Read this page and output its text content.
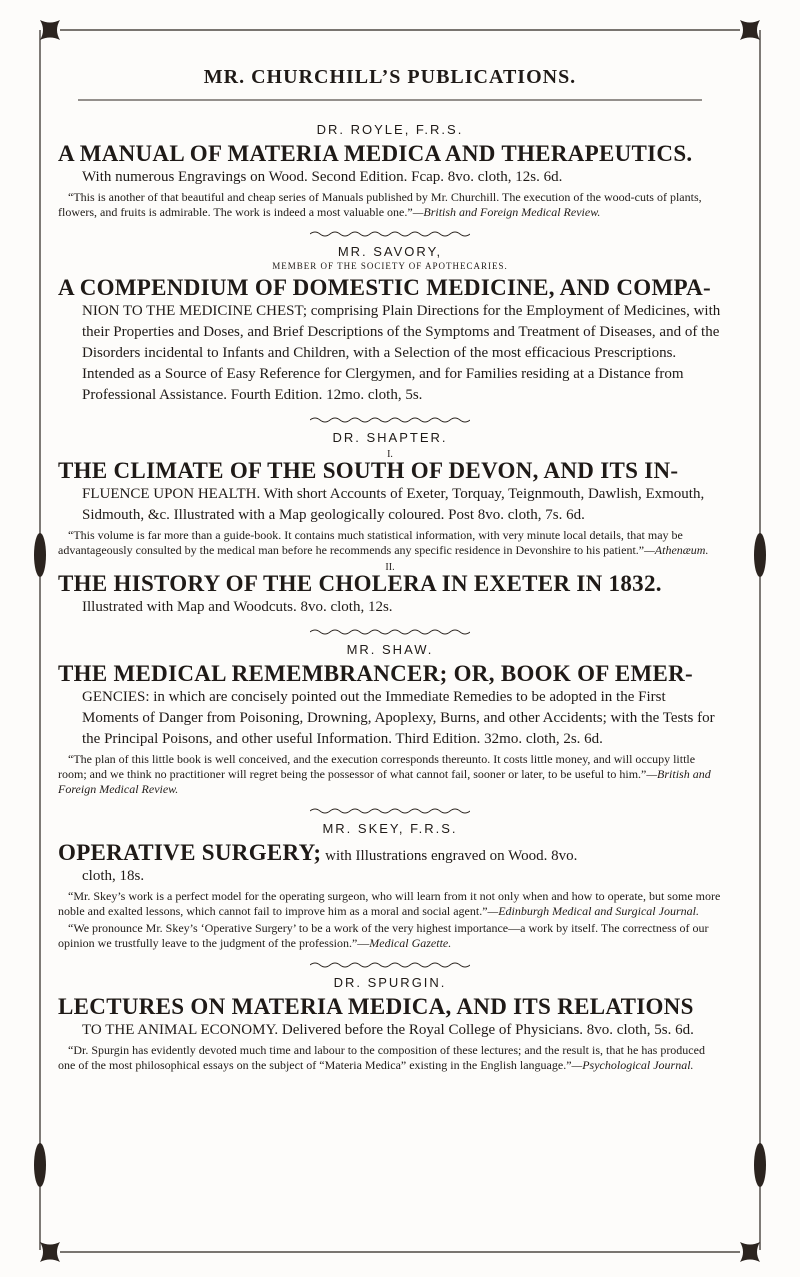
MR. CHURCHILL’S PUBLICATIONS.
DR. ROYLE, F.R.S.
A MANUAL OF MATERIA MEDICA AND THERAPEUTICS.
With numerous Engravings on Wood. Second Edition. Fcap. 8vo. cloth, 12s. 6d.
“This is another of that beautiful and cheap series of Manuals published by Mr. Churchill. The execution of the wood-cuts of plants, flowers, and fruits is admirable. The work is indeed a most valuable one.”—British and Foreign Medical Review.
MR. SAVORY,
MEMBER OF THE SOCIETY OF APOTHECARIES.
A COMPENDIUM OF DOMESTIC MEDICINE, AND COMPA-
NION TO THE MEDICINE CHEST; comprising Plain Directions for the Employment of Medicines, with their Properties and Doses, and Brief Descriptions of the Symptoms and Treatment of Diseases, and of the Disorders incidental to Infants and Children, with a Selection of the most efficacious Prescriptions. Intended as a Source of Easy Reference for Clergymen, and for Families residing at a Distance from Professional Assistance. Fourth Edition. 12mo. cloth, 5s.
DR. SHAPTER.
I.
THE CLIMATE OF THE SOUTH OF DEVON, AND ITS IN-
FLUENCE UPON HEALTH. With short Accounts of Exeter, Torquay, Teignmouth, Dawlish, Exmouth, Sidmouth, &c. Illustrated with a Map geologically coloured. Post 8vo. cloth, 7s. 6d.
“This volume is far more than a guide-book. It contains much statistical information, with very minute local details, that may be advantageously consulted by the medical man before he recommends any specific residence in Devonshire to his patient.”—Athenæum.
II.
THE HISTORY OF THE CHOLERA IN EXETER IN 1832.
Illustrated with Map and Woodcuts. 8vo. cloth, 12s.
MR. SHAW.
THE MEDICAL REMEMBRANCER; OR, BOOK OF EMER-
GENCIES: in which are concisely pointed out the Immediate Remedies to be adopted in the First Moments of Danger from Poisoning, Drowning, Apoplexy, Burns, and other Accidents; with the Tests for the Principal Poisons, and other useful Information. Third Edition. 32mo. cloth, 2s. 6d.
“The plan of this little book is well conceived, and the execution corresponds thereunto. It costs little money, and will occupy little room; and we think no practitioner will regret being the possessor of what cannot fail, sooner or later, to be useful to him.”—British and Foreign Medical Review.
MR. SKEY, F.R.S.
OPERATIVE SURGERY; with Illustrations engraved on Wood. 8vo.
cloth, 18s.
“Mr. Skey’s work is a perfect model for the operating surgeon, who will learn from it not only when and how to operate, but some more noble and exalted lessons, which cannot fail to improve him as a moral and social agent.”—Edinburgh Medical and Surgical Journal.
“We pronounce Mr. Skey’s ‘Operative Surgery’ to be a work of the very highest importance—a work by itself. The correctness of our opinion we trustfully leave to the judgment of the profession.”—Medical Gazette.
DR. SPURGIN.
LECTURES ON MATERIA MEDICA, AND ITS RELATIONS
TO THE ANIMAL ECONOMY. Delivered before the Royal College of Physicians. 8vo. cloth, 5s. 6d.
“Dr. Spurgin has evidently devoted much time and labour to the composition of these lectures; and the result is, that he has produced one of the most philosophical essays on the subject of “Materia Medica” existing in the English language.”—Psychological Journal.
